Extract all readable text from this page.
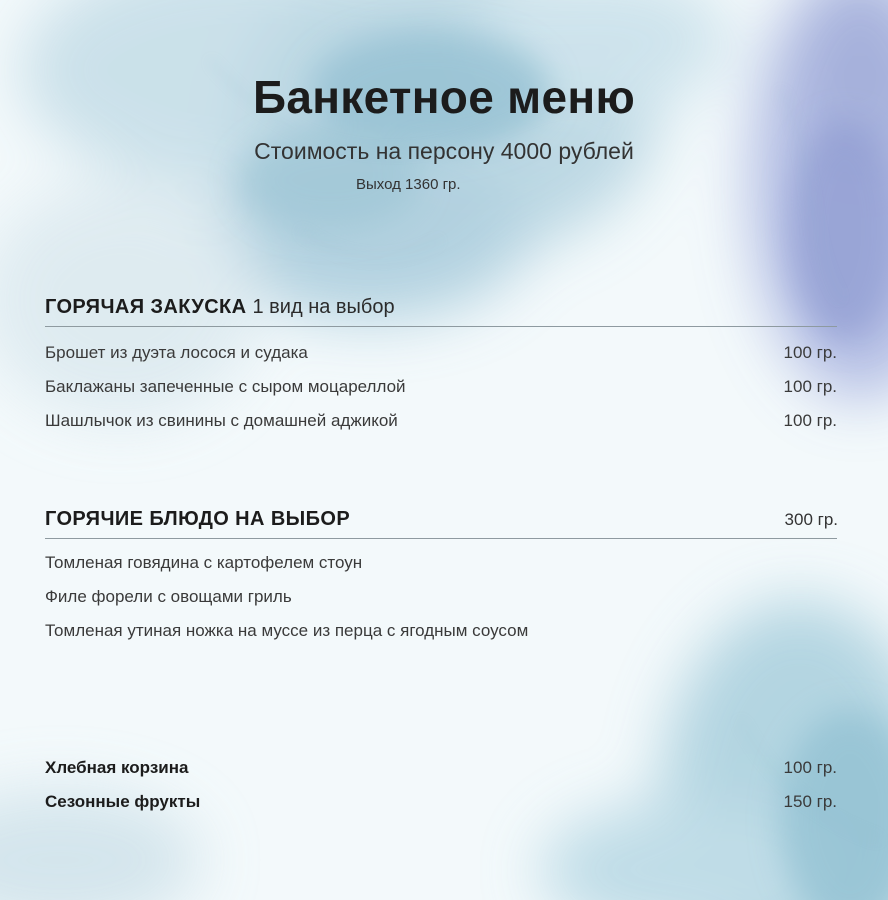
Банкетное меню
Стоимость на персону 4000 рублей
Выход 1360 гр.
ГОРЯЧАЯ ЗАКУСКА 1 вид на выбор
Брошет из дуэта лосося и судака	100 гр.
Баклажаны запеченные с сыром моцареллой	100 гр.
Шашлычок из свинины с домашней аджикой	100 гр.
ГОРЯЧИЕ БЛЮДО НА ВЫБОР	300 гр.
Томленая говядина с картофелем стоун
Филе форели с овощами гриль
Томленая утиная ножка на муссе из перца с ягодным соусом
Хлебная корзина	100 гр.
Сезонные фрукты	150 гр.
